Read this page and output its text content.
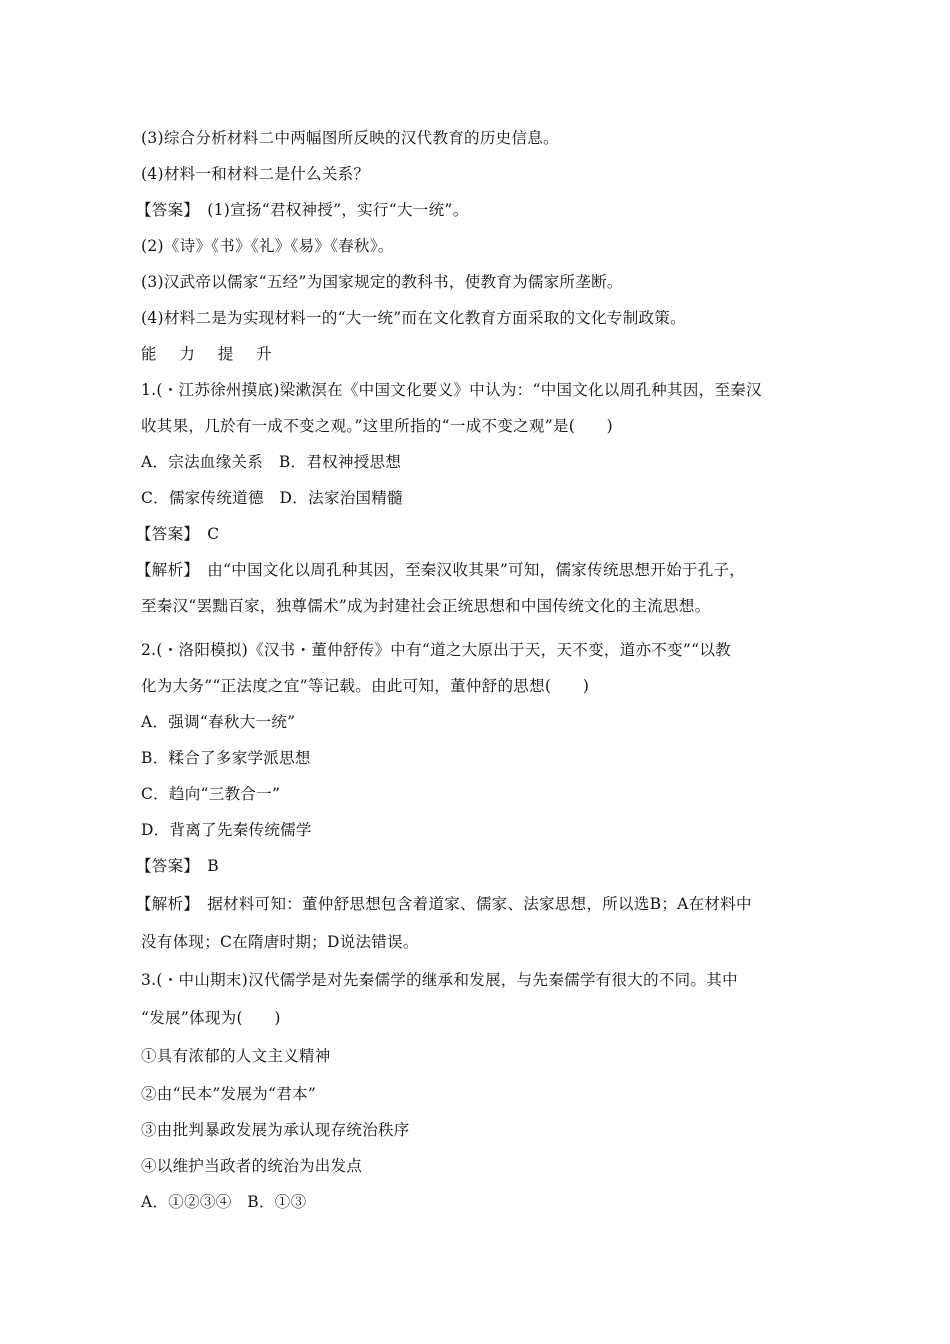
(3)综合分析材料二中两幅图所反映的汉代教育的历史信息。
(4)材料一和材料二是什么关系？
【答案】　(1)宣扬“君权神授”，实行“大一统”。
(2)《诗》《书》《礼》《易》《春秋》。
(3)汉武帝以儒家“五经”为国家规定的教科书，使教育为儒家所垄断。
(4)材料二是为实现材料一的“大一统”而在文化教育方面采取的文化专制政策。
能 力 提 升
1.(・江苏徐州摸底)梁漱溟在《中国文化要义》中认为：“中国文化以周孔种其因，至秦汉
收其果，几於有一成不变之观。”这里所指的“一成不变之观”是(　　)
A．宗法血缘关系　B．君权神授思想
C．儒家传统道德　D．法家治国精髓
【答案】　C
【解析】　由“中国文化以周孔种其因，至秦汉收其果”可知，儒家传统思想开始于孔子，
至秦汉“罢黜百家，独尊儒术”成为封建社会正统思想和中国传统文化的主流思想。
2.(・洛阳模拟)《汉书・董仲舒传》中有“道之大原出于天，天不变，道亦不变”“以教
化为大务”“正法度之宜”等记载。由此可知，董仲舒的思想(　　)
A．强调“春秋大一统”
B．糅合了多家学派思想
C．趋向“三教合一”
D．背离了先秦传统儒学
【答案】　B
【解析】　据材料可知：董仲舒思想包含着道家、儒家、法家思想，所以选B；A在材料中
没有体现；C在隋唐时期；D说法错误。
3.(・中山期末)汉代儒学是对先秦儒学的继承和发展，与先秦儒学有很大的不同。其中
“发展”体现为(　　)
①具有浓郁的人文主义精神
②由“民本”发展为“君本”
③由批判暴政发展为承认现存统治秩序
④以维护当政者的统治为出发点
A．①②③④　B．①③
